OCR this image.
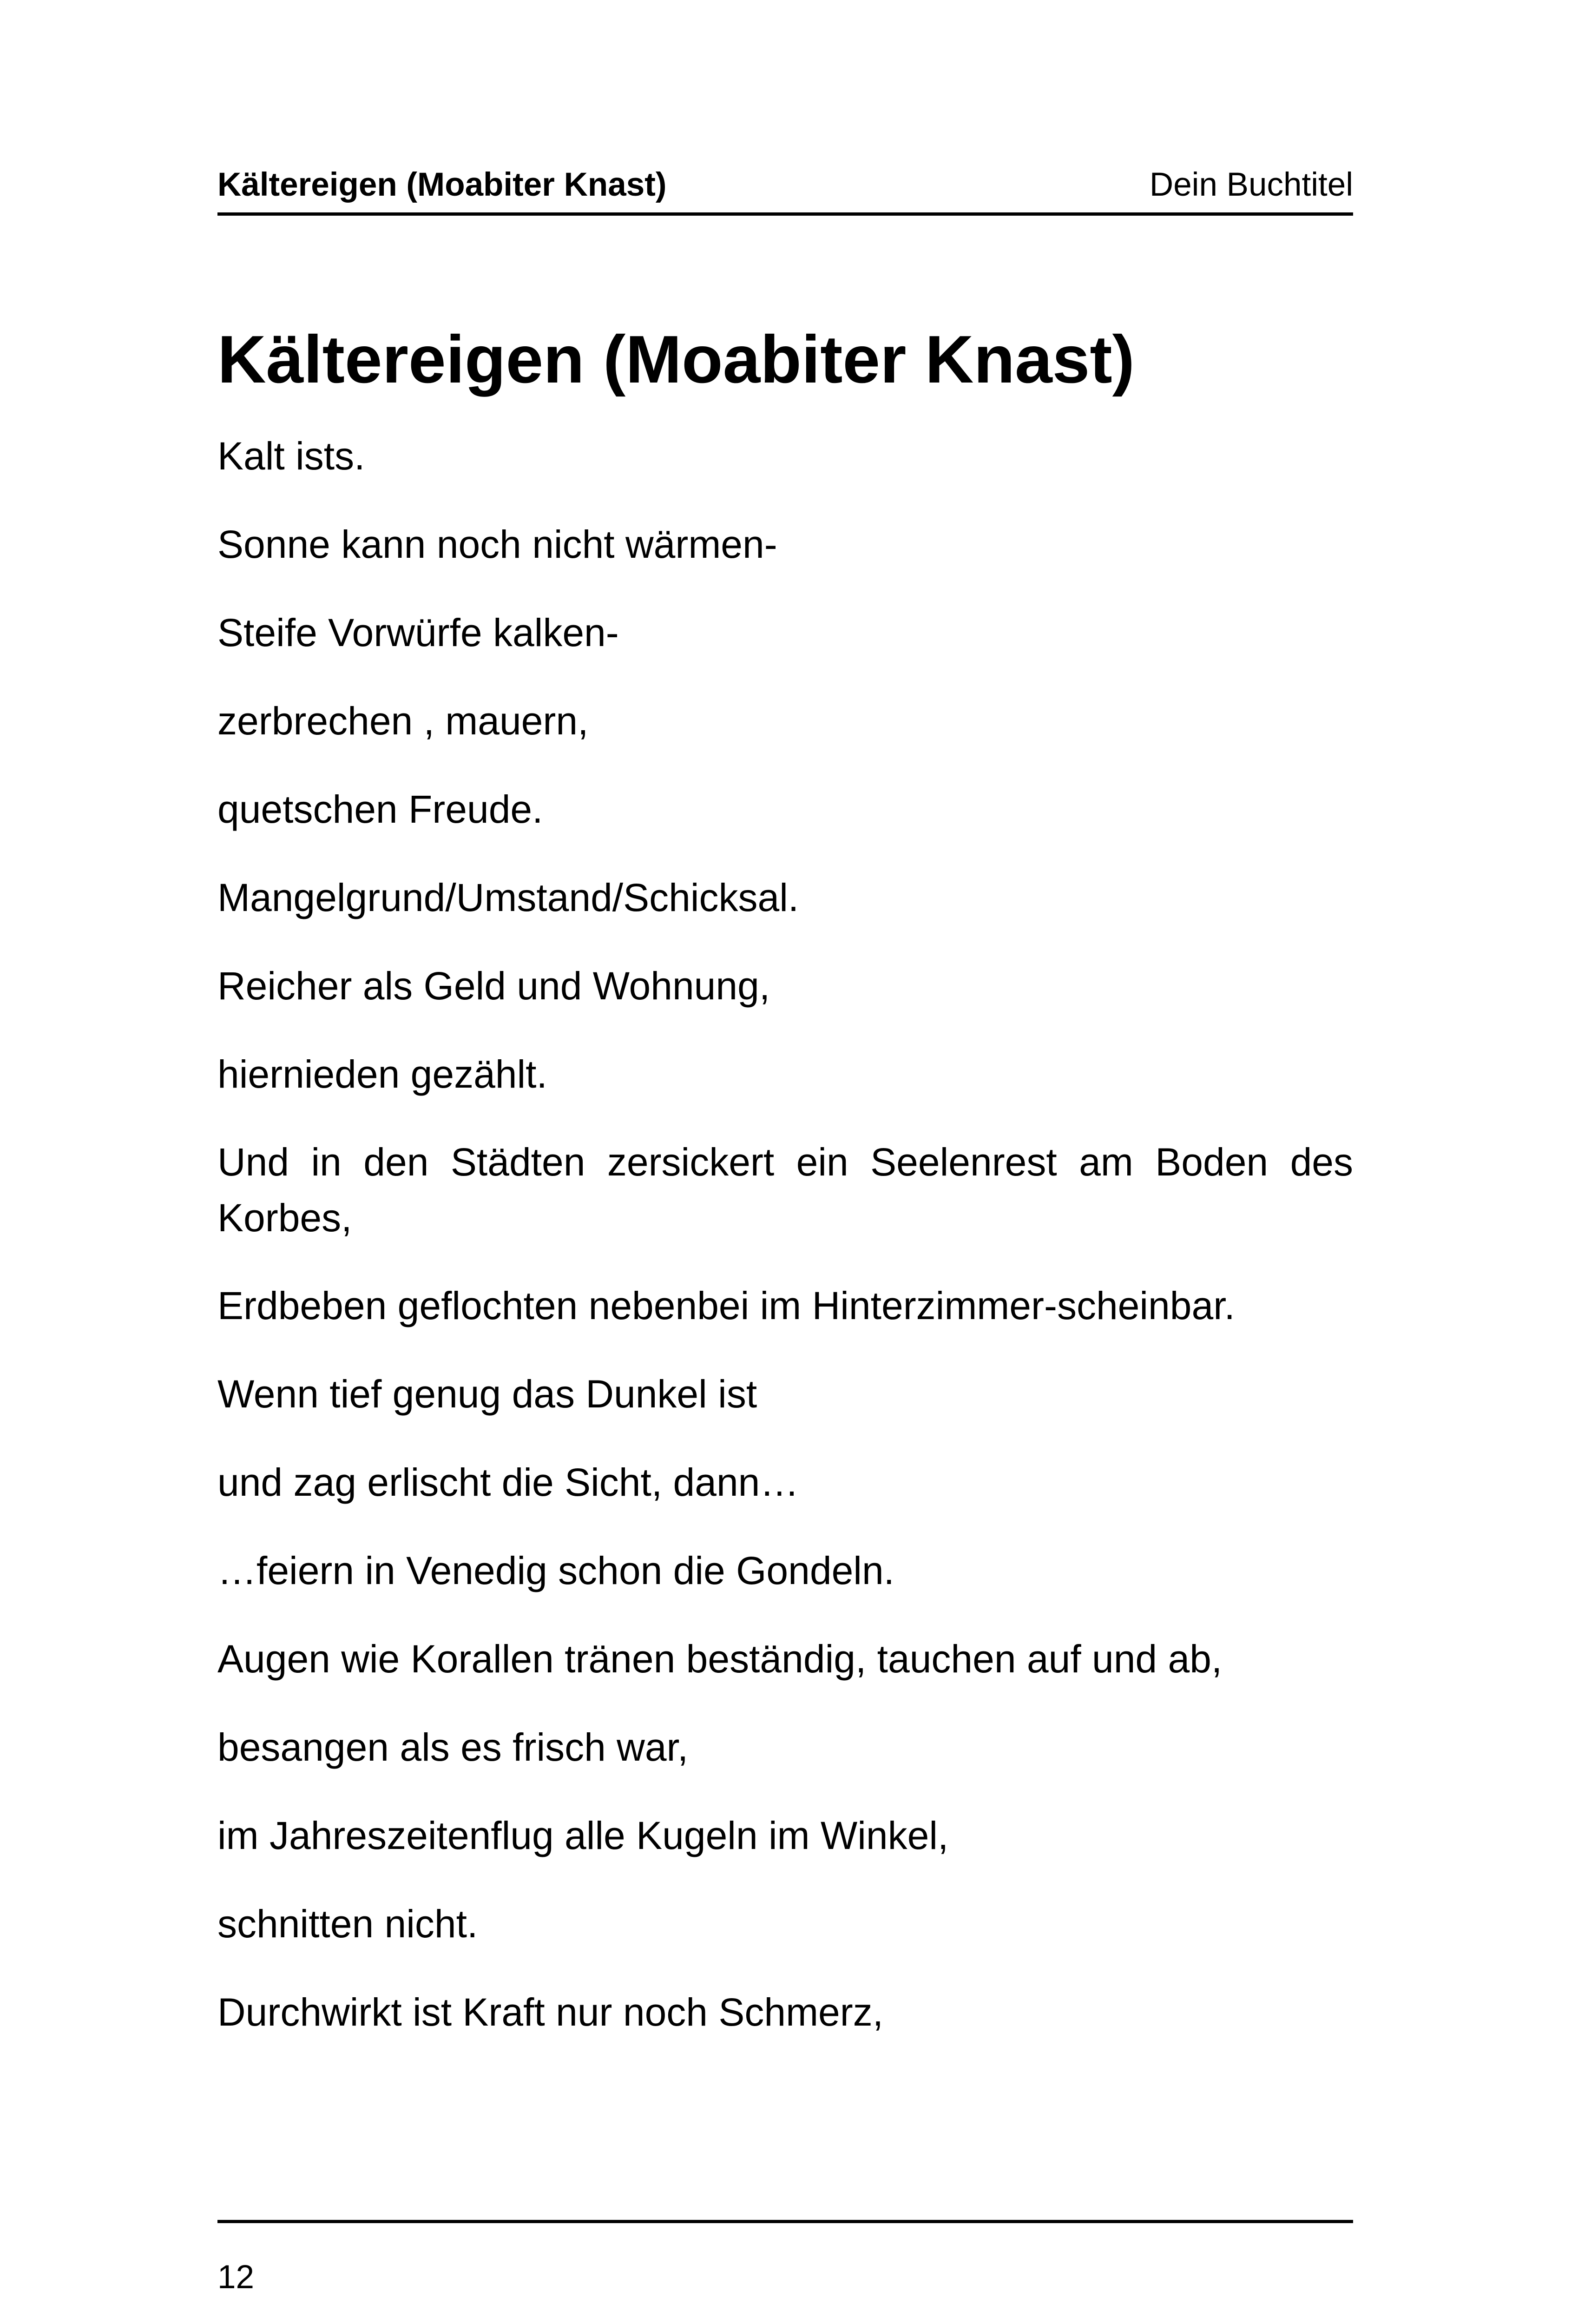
Kältereigen (Moabiter Knast)	Dein Buchtitel
Kältereigen (Moabiter Knast)

Kalt ists.

Sonne kann noch nicht wärmen-

Steife Vorwürfe kalken-

zerbrechen , mauern,

quetschen Freude.

Mangelgrund/Umstand/Schicksal.

Reicher als Geld und Wohnung,

hiernieden gezählt.

Und in den Städten zersickert ein Seelenrest am Boden des Korbes,

Erdbeben geflochten nebenbei im Hinterzimmer-scheinbar.

Wenn tief genug das Dunkel ist

und zag erlischt die Sicht, dann…

…feiern in Venedig schon die Gondeln.

Augen wie Korallen tränen beständig, tauchen auf und ab,

besangen als es frisch war,

im Jahreszeitenflug alle Kugeln im Winkel,

schnitten nicht.

Durchwirkt ist Kraft nur noch Schmerz,

12
